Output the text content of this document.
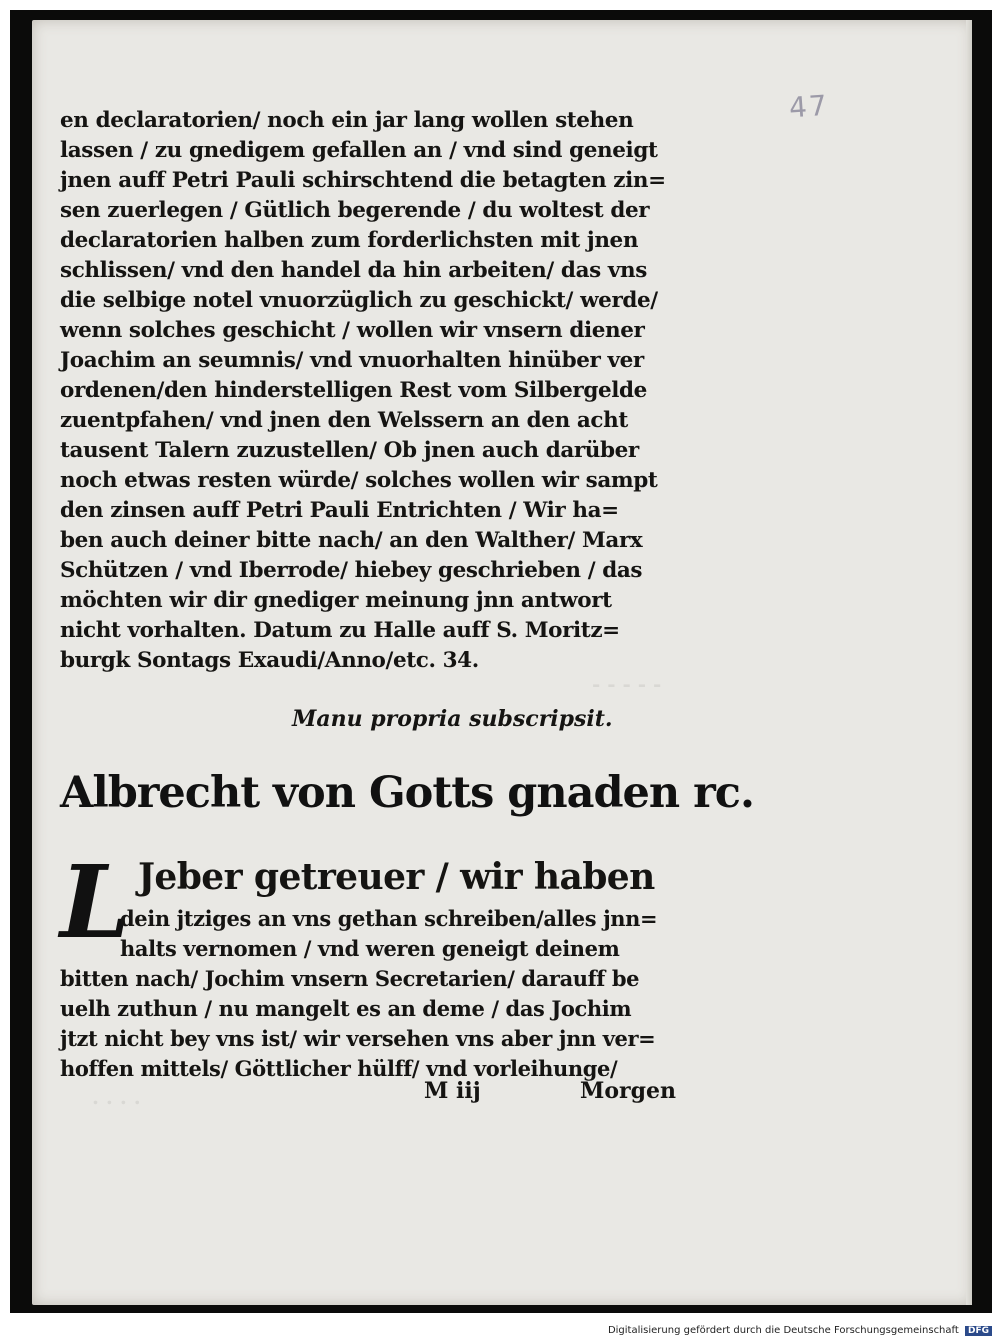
- - - - -
. . . .
47
en declaratorien/ noch ein jar lang wollen stehen
lassen / zu gnedigem gefallen an / vnd sind geneigt
jnen auff Petri Pauli schirschtend die betagten zin=
sen zuerlegen / Gütlich begerende / du woltest der
declaratorien halben zum forderlichsten mit jnen
schlissen/ vnd den handel da hin arbeiten/ das vns
die selbige notel vnuorzüglich zu geschickt/ werde/
wenn solches geschicht / wollen wir vnsern diener
Joachim an seumnis/ vnd vnuorhalten hinüber ver
ordenen/den hinderstelligen Rest vom Silbergelde
zuentpfahen/ vnd jnen den Welssern an den acht
tausent Talern zuzustellen/ Ob jnen auch darüber
noch etwas resten würde/ solches wollen wir sampt
den zinsen auff Petri Pauli Entrichten / Wir ha=
ben auch deiner bitte nach/ an den Walther/ Marx
Schützen / vnd Iberrode/ hiebey geschrieben / das
möchten wir dir gnediger meinung jnn antwort
nicht vorhalten. Datum zu Halle auff S. Moritz=
burgk Sontags Exaudi/Anno/etc. 34.
Manu propria subscripsit.
Albrecht von Gotts gnaden rc.
L Jeber getreuer / wir haben
dein jtziges an vns gethan schreiben/alles jnn=
halts vernomen / vnd weren geneigt deinem
bitten nach/ Jochim vnsern Secretarien/ darauff be
uelh zuthun / nu mangelt es an deme / das Jochim
jtzt nicht bey vns ist/ wir versehen vns aber jnn ver=
hoffen mittels/ Göttlicher hülff/ vnd vorleihunge/
M iij	Morgen
Digitalisierung gefördert durch die Deutsche Forschungsgemeinschaft DFG
